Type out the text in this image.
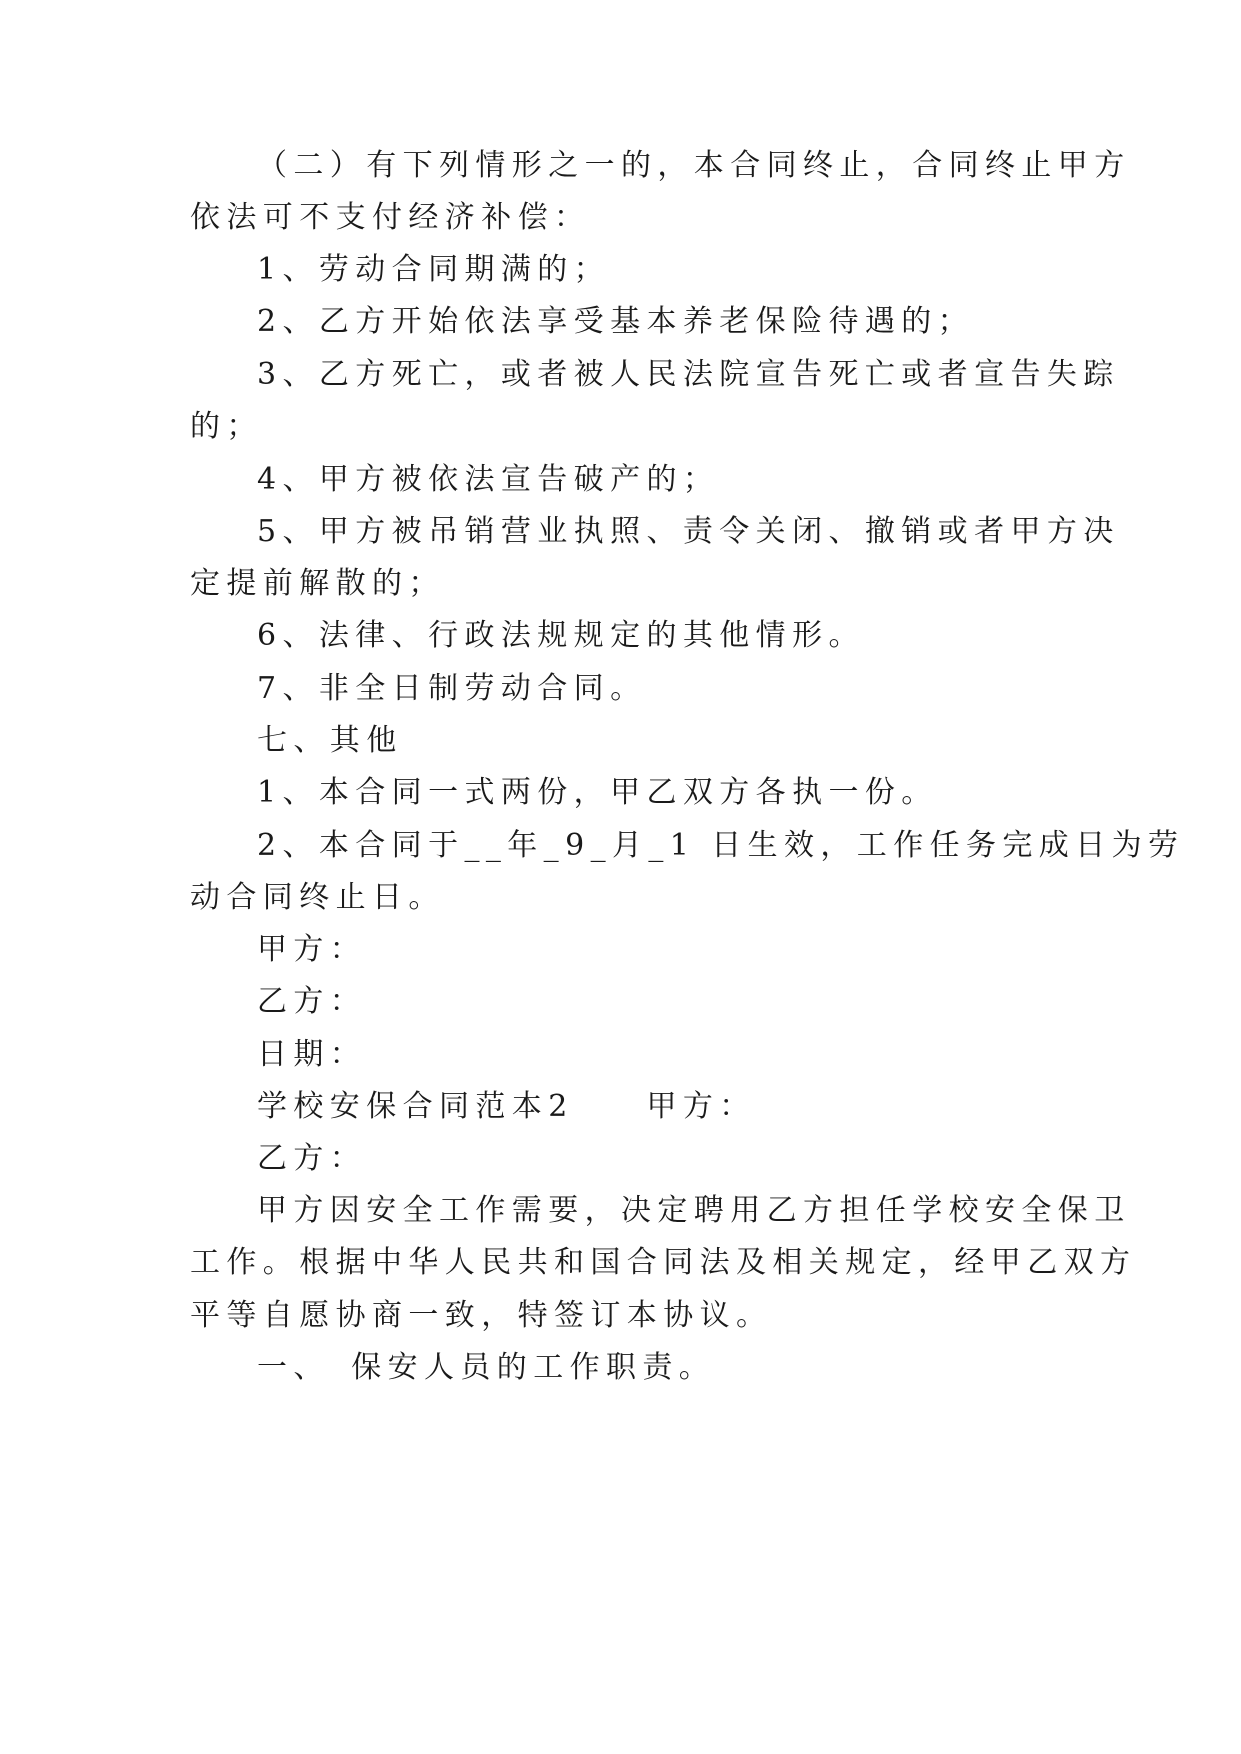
（二）有下列情形之一的，本合同终止，合同终止甲方
依法可不支付经济补偿：
1、劳动合同期满的；
2、乙方开始依法享受基本养老保险待遇的；
3、乙方死亡，或者被人民法院宣告死亡或者宣告失踪
的；
4、甲方被依法宣告破产的；
5、甲方被吊销营业执照、责令关闭、撤销或者甲方决
定提前解散的；
6、法律、行政法规规定的其他情形。
7、非全日制劳动合同。
七、其他
1、本合同一式两份，甲乙双方各执一份。
2、本合同于__年_9_月_1 日生效，工作任务完成日为劳
动合同终止日。
甲方：
乙方：
日期：
学校安保合同范本2　　甲方：
乙方：
甲方因安全工作需要，决定聘用乙方担任学校安全保卫
工作。根据中华人民共和国合同法及相关规定，经甲乙双方
平等自愿协商一致，特签订本协议。
一、　保安人员的工作职责。
